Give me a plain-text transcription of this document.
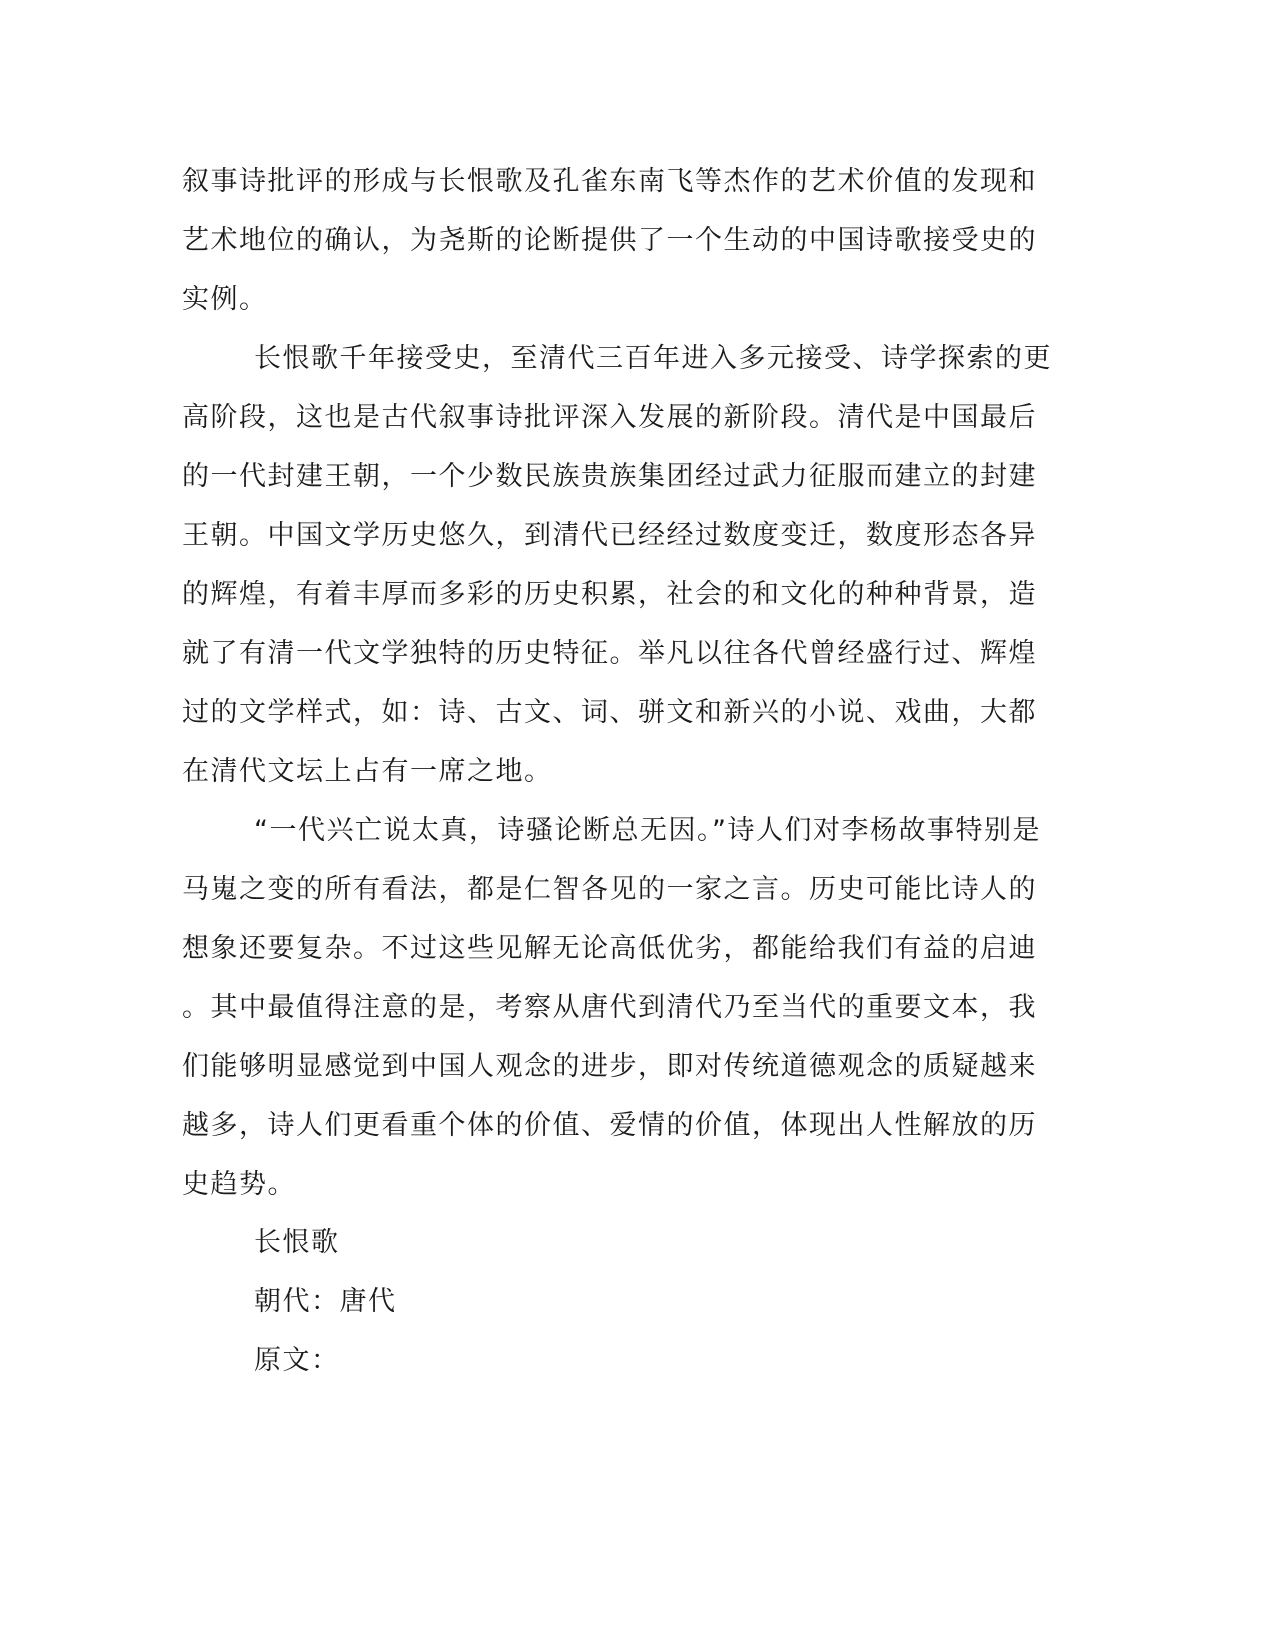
叙事诗批评的形成与长恨歌及孔雀东南飞等杰作的艺术价值的发现和
艺术地位的确认，为尧斯的论断提供了一个生动的中国诗歌接受史的
实例。
长恨歌千年接受史，至清代三百年进入多元接受、诗学探索的更
高阶段，这也是古代叙事诗批评深入发展的新阶段。清代是中国最后
的一代封建王朝，一个少数民族贵族集团经过武力征服而建立的封建
王朝。中国文学历史悠久，到清代已经经过数度变迁，数度形态各异
的辉煌，有着丰厚而多彩的历史积累，社会的和文化的种种背景，造
就了有清一代文学独特的历史特征。举凡以往各代曾经盛行过、辉煌
过的文学样式，如：诗、古文、词、骈文和新兴的小说、戏曲，大都
在清代文坛上占有一席之地。
“一代兴亡说太真，诗骚论断总无因。”诗人们对李杨故事特别是
马嵬之变的所有看法，都是仁智各见的一家之言。历史可能比诗人的
想象还要复杂。不过这些见解无论高低优劣，都能给我们有益的启迪
。其中最值得注意的是，考察从唐代到清代乃至当代的重要文本，我
们能够明显感觉到中国人观念的进步，即对传统道德观念的质疑越来
越多，诗人们更看重个体的价值、爱情的价值，体现出人性解放的历
史趋势。
长恨歌
朝代：唐代
原文：
